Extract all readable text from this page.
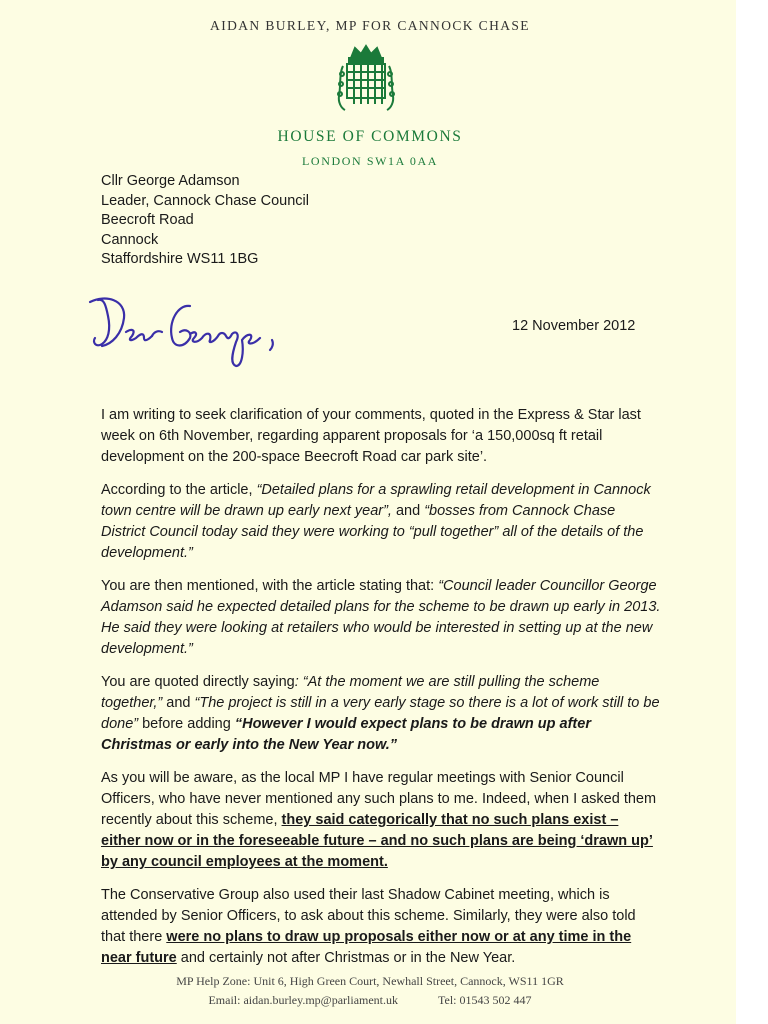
AIDAN BURLEY, MP FOR CANNOCK CHASE
HOUSE OF COMMONS
LONDON SW1A 0AA
Cllr George Adamson
Leader, Cannock Chase Council
Beecroft Road
Cannock
Staffordshire WS11 1BG
12 November 2012

I am writing to seek clarification of your comments, quoted in the Express & Star last week on 6th November, regarding apparent proposals for ‘a 150,000sq ft retail development on the 200-space Beecroft Road car park site’.

According to the article, “Detailed plans for a sprawling retail development in Cannock town centre will be drawn up early next year”, and “bosses from Cannock Chase District Council today said they were working to “pull together” all of the details of the development.”

You are then mentioned, with the article stating that: “Council leader Councillor George Adamson said he expected detailed plans for the scheme to be drawn up early in 2013. He said they were looking at retailers who would be interested in setting up at the new development.”

You are quoted directly saying: “At the moment we are still pulling the scheme together,” and “The project is still in a very early stage so there is a lot of work still to be done” before adding “However I would expect plans to be drawn up after Christmas or early into the New Year now.”

As you will be aware, as the local MP I have regular meetings with Senior Council Officers, who have never mentioned any such plans to me. Indeed, when I asked them recently about this scheme, they said categorically that no such plans exist – either now or in the foreseeable future – and no such plans are being ‘drawn up’ by any council employees at the moment.

The Conservative Group also used their last Shadow Cabinet meeting, which is attended by Senior Officers, to ask about this scheme. Similarly, they were also told that there were no plans to draw up proposals either now or at any time in the near future and certainly not after Christmas or in the New Year.

MP Help Zone: Unit 6, High Green Court, Newhall Street, Cannock, WS11 1GR
Email: aidan.burley.mp@parliament.uk	Tel: 01543 502 447
